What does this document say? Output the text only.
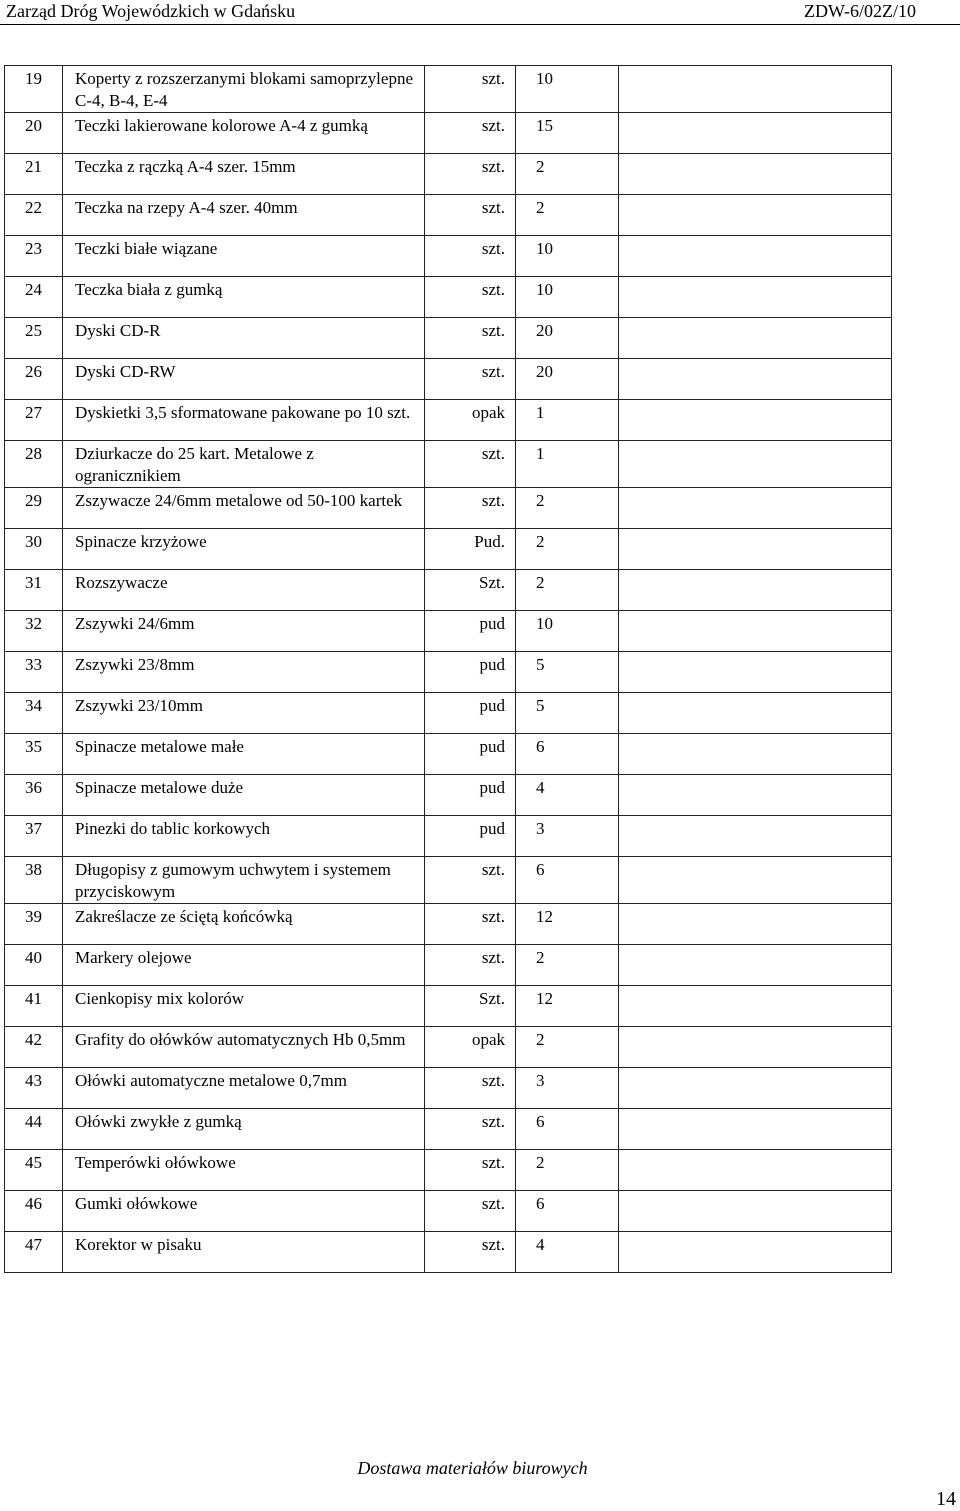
Zarząd Dróg Wojewódzkich w Gdańsku	ZDW-6/02Z/10
19	Koperty z rozszerzanymi blokami samoprzylepne C-4, B-4, E-4	szt.	10	
20	Teczki lakierowane kolorowe A-4 z gumką	szt.	15	
21	Teczka z rączką A-4 szer. 15mm	szt.	2	
22	Teczka na rzepy A-4 szer. 40mm	szt.	2	
23	Teczki białe wiązane	szt.	10	
24	Teczka biała z gumką	szt.	10	
25	Dyski CD-R	szt.	20	
26	Dyski CD-RW	szt.	20	
27	Dyskietki 3,5 sformatowane pakowane po 10 szt.	opak	1	
28	Dziurkacze do 25 kart. Metalowe z ogranicznikiem	szt.	1	
29	Zszywacze 24/6mm metalowe od 50-100 kartek	szt.	2	
30	Spinacze krzyżowe	Pud.	2	
31	Rozszywacze	Szt.	2	
32	Zszywki 24/6mm	pud	10	
33	Zszywki 23/8mm	pud	5	
34	Zszywki 23/10mm	pud	5	
35	Spinacze metalowe małe	pud	6	
36	Spinacze metalowe duże	pud	4	
37	Pinezki do tablic korkowych	pud	3	
38	Długopisy z gumowym uchwytem i systemem przyciskowym	szt.	6	
39	Zakreślacze ze ściętą końcówką	szt.	12	
40	Markery olejowe	szt.	2	
41	Cienkopisy mix kolorów	Szt.	12	
42	Grafity do ołówków automatycznych Hb 0,5mm	opak	2	
43	Ołówki automatyczne metalowe 0,7mm	szt.	3	
44	Ołówki zwykłe z gumką	szt.	6	
45	Temperówki ołówkowe	szt.	2	
46	Gumki ołówkowe	szt.	6	
47	Korektor w pisaku	szt.	4	
Dostawa materiałów biurowych
14
